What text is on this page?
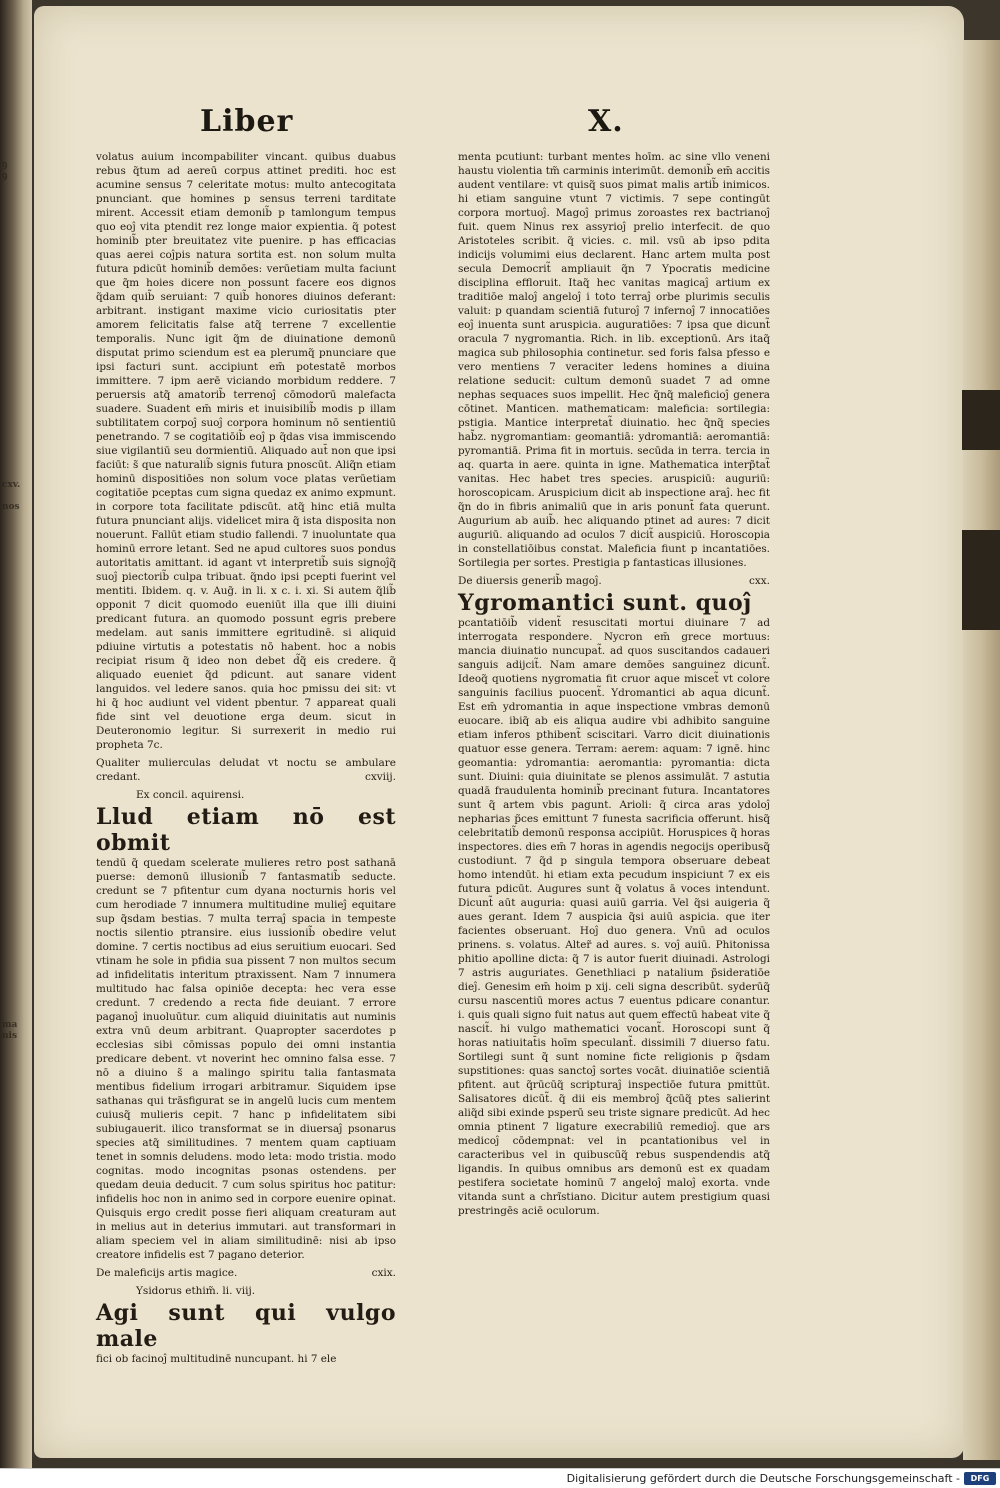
ꝯ
ꝯ
cxv.

nos
ma
nis
Liber	X.

volatus auium incompabiliter vincant. quibus duabus rebus q̃tum ad aereū corpus attinet prediti. hoc est acumine sensus 7 celeritate motus: multo antecogitata pnunciant. que homines p sensus terreni tarditate mirent. Accessit etiam demonib̃ p tamlongum tempus quo eoĵ vita ptendit rez longe maior expientia. q̃ potest hominib̃ pter breuitatez vite puenire. p has efficacias quas aerei coĵpis natura sortita est. non solum multa futura pdicūt hominib̃ demōes: verūetiam multa faciunt que q̃m hoies dicere non possunt facere eos dignos q̃dam quib̃ seruiant: 7 quib̃ honores diuinos deferant: arbitrant. instigant maxime vicio curiositatis pter amorem felicitatis false atq̃ terrene 7 excellentie temporalis. Nunc igit q̃m de diuinatione demonū disputat primo sciendum est ea plerumq̃ pnunciare que ipsi facturi sunt. accipiunt em̄ potestatē morbos immittere. 7 ipm aerē viciando morbidum reddere. 7 peruersis atq̃ amatorib̃ terrenoĵ cōmodorū malefacta suadere. Suadent em̄ miris et inuisibilib̃ modis p illam subtilitatem corpoĵ suoĵ corpora hominum nō sentientiū penetrando. 7 se cogitatiōib̃ eoĵ p q̃das visa immiscendo siue vigilantiū seu dormientiū. Aliquado aut̄ non que ipsi faciūt: s̃ que naturalib̃ signis futura pnoscūt. Aliq̃n etiam hominū dispositiōes non solum voce platas verūetiam cogitatiōe pceptas cum signa quedaz ex animo expmunt. in corpore tota facilitate pdiscūt. atq̃ hinc etiā multa futura pnunciant alijs. videlicet mira q̃ ista disposita non nouerunt. Fallūt etiam studio fallendi. 7 inuoluntate qua hominū errore letant. Sed ne apud cultores suos pondus autoritatis amittant. id agant vt interpretib̃ suis signoĵq̃ suoĵ piectorib̃ culpa tribuat. q̃ndo ipsi pcepti fuerint vel mentiti. Ibidem. q. v. Aug̃. in li. x c. i. xi. Si autem q̃lib̃ opponit 7 dicit quomodo eueniūt illa que illi diuini predicant futura. an quomodo possunt egris prebere medelam. aut sanis immittere egritudinē. si aliquid pdiuine virtutis a potestatis nō habent. hoc a nobis recipiat risum q̃ ideo non debet d̃q̃ eis credere. q̃ aliquado eueniet q̃d pdicunt. aut sanare vident languidos. vel ledere sanos. quia hoc pmissu dei sit: vt hi q̃ hoc audiunt vel vident pbentur. 7 appareat quali fide sint vel deuotione erga deum. sicut in Deuteronomio legitur. Si surrexerit in medio rui propheta 7c.

Qualiter mulierculas deludat vt noctu se ambulare credant.	cxviij.
Ex concil. aquirensi.
Llud etiam nō est obmit

tendū q̃ quedam scelerate mulieres retro post sathanā puerse: demonū illusionib̃ 7 fantasmatib̃ seducte. credunt se 7 pfitentur cum dyana nocturnis horis vel cum herodiade 7 innumera multitudine mulieĵ equitare sup q̃sdam bestias. 7 multa terraĵ spacia in tempeste noctis silentio ptransire. eius iussionib̃ obedire velut domine. 7 certis noctibus ad eius seruitium euocari. Sed vtinam he sole in pfidia sua pissent 7 non multos secum ad infidelitatis interitum ptraxissent. Nam 7 innumera multitudo hac falsa opiniōe decepta: hec vera esse credunt. 7 credendo a recta fide deuiant. 7 errore paganoĵ inuoluūtur. cum aliquid diuinitatis aut numinis extra vnū deum arbitrant. Quapropter sacerdotes p ecclesias sibi cōmissas populo dei omni instantia predicare debent. vt noverint hec omnino falsa esse. 7 nō a diuino s̃ a malingo spiritu talia fantasmata mentibus fidelium irrogari arbitramur. Siquidem ipse sathanas qui trāsfigurat se in angelū lucis cum mentem cuiusq̃ mulieris cepit. 7 hanc p infidelitatem sibi subiugauerit. ilico transformat se in diuersaĵ psonarus species atq̃ similitudines. 7 mentem quam captiuam tenet in somnis deludens. modo leta: modo tristia. modo cognitas. modo incognitas psonas ostendens. per quedam deuia deducit. 7 cum solus spiritus hoc patitur: infidelis hoc non in animo sed in corpore euenire opinat. Quisquis ergo credit posse fieri aliquam creaturam aut in melius aut in deterius immutari. aut transformari in aliam speciem vel in aliam similitudinē: nisi ab ipso creatore infidelis est 7 pagano deterior.

De maleficijs artis magice.	cxix.
Ysidorus ethim̃. li. viij.
Agi sunt qui vulgo male

fici ob facinoĵ multitudinē nuncupant. hi 7 ele

menta pcutiunt: turbant mentes hoīm. ac sine vllo veneni haustu violentia tm̃ carminis interimūt. demonib̃ em̄ accitis audent ventilare: vt quisq̃ suos pimat malis artib̃ inimicos. hi etiam sanguine vtunt 7 victimis. 7 sepe contingūt corpora mortuoĵ. Magoĵ primus zoroastes rex bactrianoĵ fuit. quem Ninus rex assyrioĵ prelio interfecit. de quo Aristoteles scribit. q̃ vicies. c. mil. vsū ab ipso pdita indicijs volumimi eius declarent. Hanc artem multa post secula Democrit̃ ampliauit q̃n 7 Ypocratis medicine disciplina effloruit. Itaq̃ hec vanitas magicaĵ artium ex traditiōe maloĵ angeloĵ i toto terraĵ orbe plurimis seculis valuit: p quandam scientiā futuroĵ 7 infernoĵ 7 innocatiōes eoĵ inuenta sunt aruspicia. auguratiōes: 7 ipsa que dicunt̃ oracula 7 nygromantia. Rich. in lib. exceptionū. Ars itaq̃ magica sub philosophia continetur. sed foris falsa pfesso e vero mentiens 7 veraciter ledens homines a diuina relatione seducit: cultum demonū suadet 7 ad omne nephas sequaces suos impellit. Hec q̃nq̃ maleficioĵ genera cōtinet. Manticen. mathematicam: maleficia: sortilegia: pstigia. Mantice interpretat̃ diuinatio. hec q̃nq̃ species hab̃z. nygromantiam: geomantiā: ydromantiā: aeromantiā: pyromantiā. Prima fit in mortuis. secūda in terra. tercia in aq. quarta in aere. quinta in igne. Mathematica interp̃tat̃ vanitas. Hec habet tres species. aruspiciū: auguriū: horoscopicam. Aruspicium dicit ab inspectione araĵ. hec fit q̃n do in fibris animaliū que in aris ponunt̃ fata querunt. Augurium ab auib̃. hec aliquando ptinet ad aures: 7 dicit auguriū. aliquando ad oculos 7 dicit̃ auspiciū. Horoscopia in constellatiōibus constat. Maleficia fiunt p incantatiōes. Sortilegia per sortes. Prestigia p fantasticas illusiones.

De diuersis generib̃ magoĵ.	cxx.
Ygromantici sunt. quoĵ

pcantatiōib̃ vident̃ resuscitati mortui diuinare 7 ad interrogata respondere. Nycron em̄ grece mortuus: mancia diuinatio nuncupat̃. ad quos suscitandos cadaueri sanguis adijcit̃. Nam amare demōes sanguinez dicunt̃. Ideoq̃ quotiens nygromatia fit cruor aque miscet̃ vt colore sanguinis facilius puocent̃. Ydromantici ab aqua dicunt̃. Est em̄ ydromantia in aque inspectione vmbras demonū euocare. ibiq̃ ab eis aliqua audire vbi adhibito sanguine etiam inferos pthibent̃ sciscitari. Varro dicit diuinationis quatuor esse genera. Terram: aerem: aquam: 7 ignē. hinc geomantia: ydromantia: aeromantia: pyromantia: dicta sunt. Diuini: quia diuinitate se plenos assimulāt. 7 astutia quadā fraudulenta hominib̃ precinant futura. Incantatores sunt q̃ artem vbis pagunt. Arioli: q̃ circa aras ydoloĵ nepharias p̃ces emittunt 7 funesta sacrificia offerunt. hisq̃ celebritatib̃ demonū responsa accipiūt. Horuspices q̃ horas inspectores. dies em̄ 7 horas in agendis negocijs operibusq̃ custodiunt. 7 q̃d p singula tempora obseruare debeat homo intendūt. hi etiam exta pecudum inspiciunt 7 ex eis futura pdicūt. Augures sunt q̃ volatus ā voces intendunt. Dicunt̃ aūt auguria: quasi auiū garria. Vel q̃si auigeria q̃ aues gerant. Idem 7 auspicia q̃si auiū aspicia. que iter facientes obseruant. Hoĵ duo genera. Vnū ad oculos prinens. s. volatus. Alter̃ ad aures. s. voĵ auiū. Phitonissa phitio apolline dicta: q̃ 7 is autor fuerit diuinadi. Astrologi 7 astris auguriates. Genethliaci p natalium p̃sideratiōe dieĵ. Genesim em̄ hoim p xij. celi signa describūt. syderūq̃ cursu nascentiū mores actus 7 euentus pdicare conantur. i. quis quali signo fuit natus aut quem effectū habeat vite q̃ nascit̃. hi vulgo mathematici vocant̃. Horoscopi sunt q̃ horas natiuitat̄is hoīm speculant̃. dissimili 7 diuerso fatu. Sortilegi sunt q̃ sunt nomine ficte religionis p q̃sdam supstitiones: quas sanctoĵ sortes vocāt. diuinatiōe scientiā pfitent. aut q̃rūcūq̃ scripturaĵ inspectiōe futura pmittūt. Salisatores dicūt̃. q̃ dii eis membroĵ q̃cūq̃ ptes salierint aliq̃d sibi exinde psperū seu triste signare predicūt. Ad hec omnia ptinent 7 ligature execrabiliū remedioĵ. que ars medicoĵ cōdempnat: vel in pcantationibus vel in caracteribus vel in quibuscūq̃ rebus suspendendis atq̃ ligandis. In quibus omnibus ars demonū est ex quadam pestifera societate hominū 7 angeloĵ maloĵ exorta. vnde vitanda sunt a chrĩstiano. Dicitur autem prestigium quasi prestringēs aciē oculorum.

Digitalisierung gefördert durch die Deutsche Forschungsgemeinschaft -	DFG
